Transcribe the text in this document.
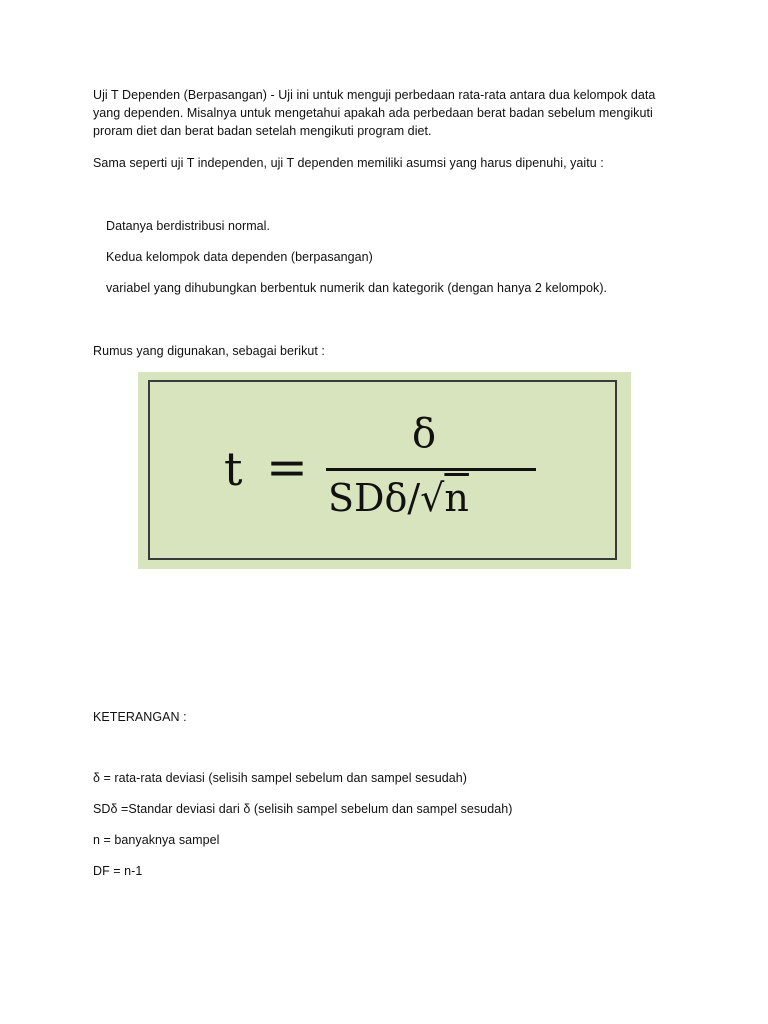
Uji T Dependen (Berpasangan) - Uji ini untuk menguji perbedaan rata-rata antara dua kelompok data
yang dependen. Misalnya untuk mengetahui apakah ada perbedaan berat badan sebelum mengikuti
proram diet dan berat badan setelah mengikuti program diet.
Sama seperti uji T independen, uji T dependen memiliki asumsi yang harus dipenuhi, yaitu :
Datanya berdistribusi normal.
Kedua kelompok data dependen (berpasangan)
variabel yang dihubungkan berbentuk numerik dan kategorik (dengan hanya 2 kelompok).
Rumus yang digunakan, sebagai berikut :
t =
δ
SDδ/√n
KETERANGAN :
δ = rata-rata deviasi (selisih sampel sebelum dan sampel sesudah)
SDδ =Standar deviasi dari δ (selisih sampel sebelum dan sampel sesudah)
n = banyaknya sampel
DF = n-1
